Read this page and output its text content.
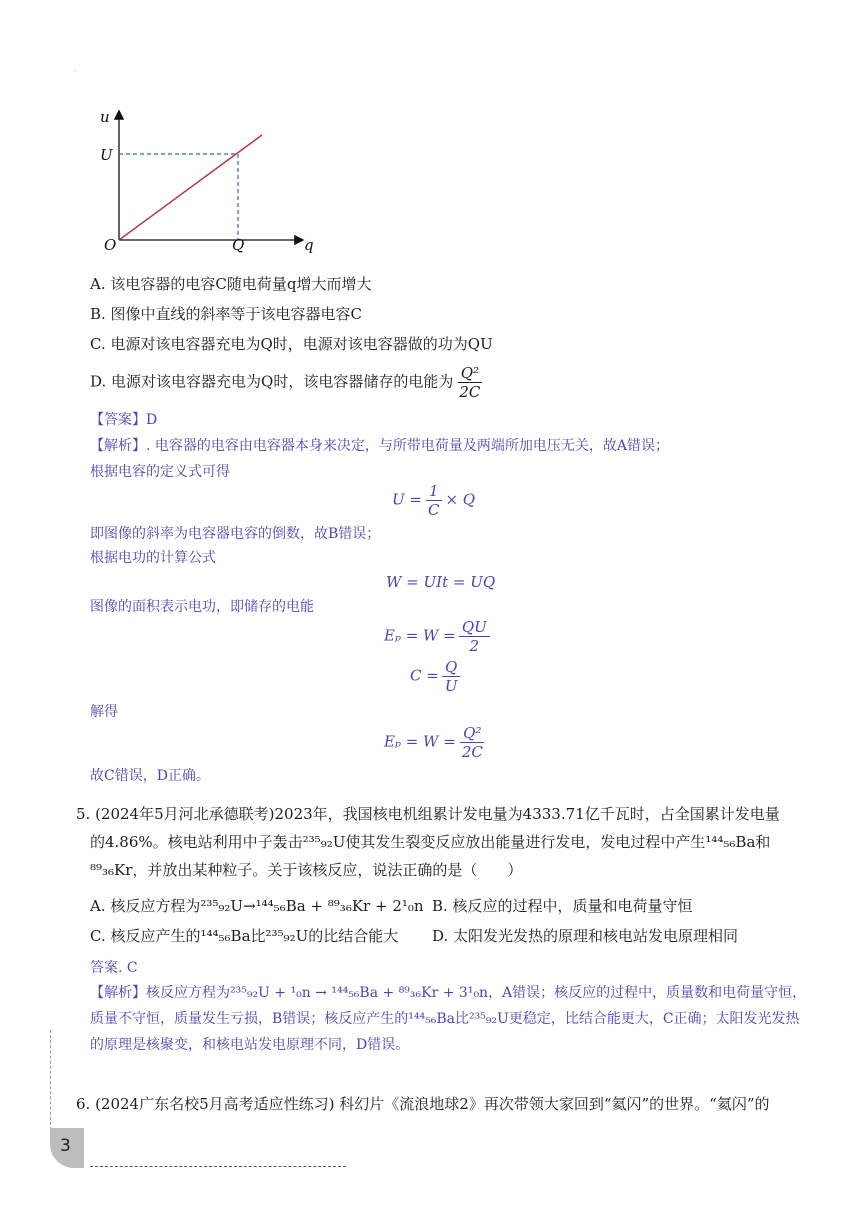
.
u
U
O	Q	q
A. 该电容器的电容C随电荷量q增大而增大
B. 图像中直线的斜率等于该电容器电容C
C. 电源对该电容器充电为Q时，电源对该电容器做的功为QU
D. 电源对该电容器充电为Q时，该电容器储存的电能为 $\frac{\text{Q²}}{2C}$
【答案】D
【解析】. 电容器的电容由电容器本身来决定，与所带电荷量及两端所加电压无关，故A错误；
根据电容的定义式可得
$U = \frac{1}{C} \times Q$
即图像的斜率为电容器电容的倒数，故B错误；
根据电功的计算公式
W = UIt = UQ
图像的面积表示电功，即储存的电能
$E_p = W = \frac{QU}{2}$
$C = \frac{Q}{U}$
解得
$E_p = W = \frac{\text{Q²}}{2C}$
故C错误，D正确。
5. (2024年5月河北承德联考)2023年，我国核电机组累计发电量为4333.71亿千瓦时，占全国累计发电量
的4.86%。核电站利用中子轰击²³⁵₉₂U使其发生裂变反应放出能量进行发电，发电过程中产生¹⁴⁴₅₆Ba和
⁸⁹₃₆Kr，并放出某种粒子。关于该核反应，说法正确的是（　　）
A. 核反应方程为²³⁵₉₂U→¹⁴⁴₅₆Ba + ⁸⁹₃₆Kr + 2¹₀n B. 核反应的过程中，质量和电荷量守恒
C. 核反应产生的¹⁴⁴₅₆Ba比²³⁵₉₂U的比结合能大 D. 太阳发光发热的原理和核电站发电原理相同
答案. C
【解析】核反应方程为²³⁵₉₂U + ¹₀n → ¹⁴⁴₅₆Ba + ⁸⁹₃₆Kr + 3¹₀n，A错误；核反应的过程中，质量数和电荷量守恒，质量不守恒，质量发生亏损，B错误；核反应产生的¹⁴⁴₅₆Ba比²³⁵₉₂U更稳定，比结合能更大，C正确；太阳发光发热的原理是核聚变，和核电站发电原理不同，D错误。
6. (2024广东名校5月高考适应性练习) 科幻片《流浪地球2》再次带领大家回到“氦闪”的世界。“氦闪”的
3
